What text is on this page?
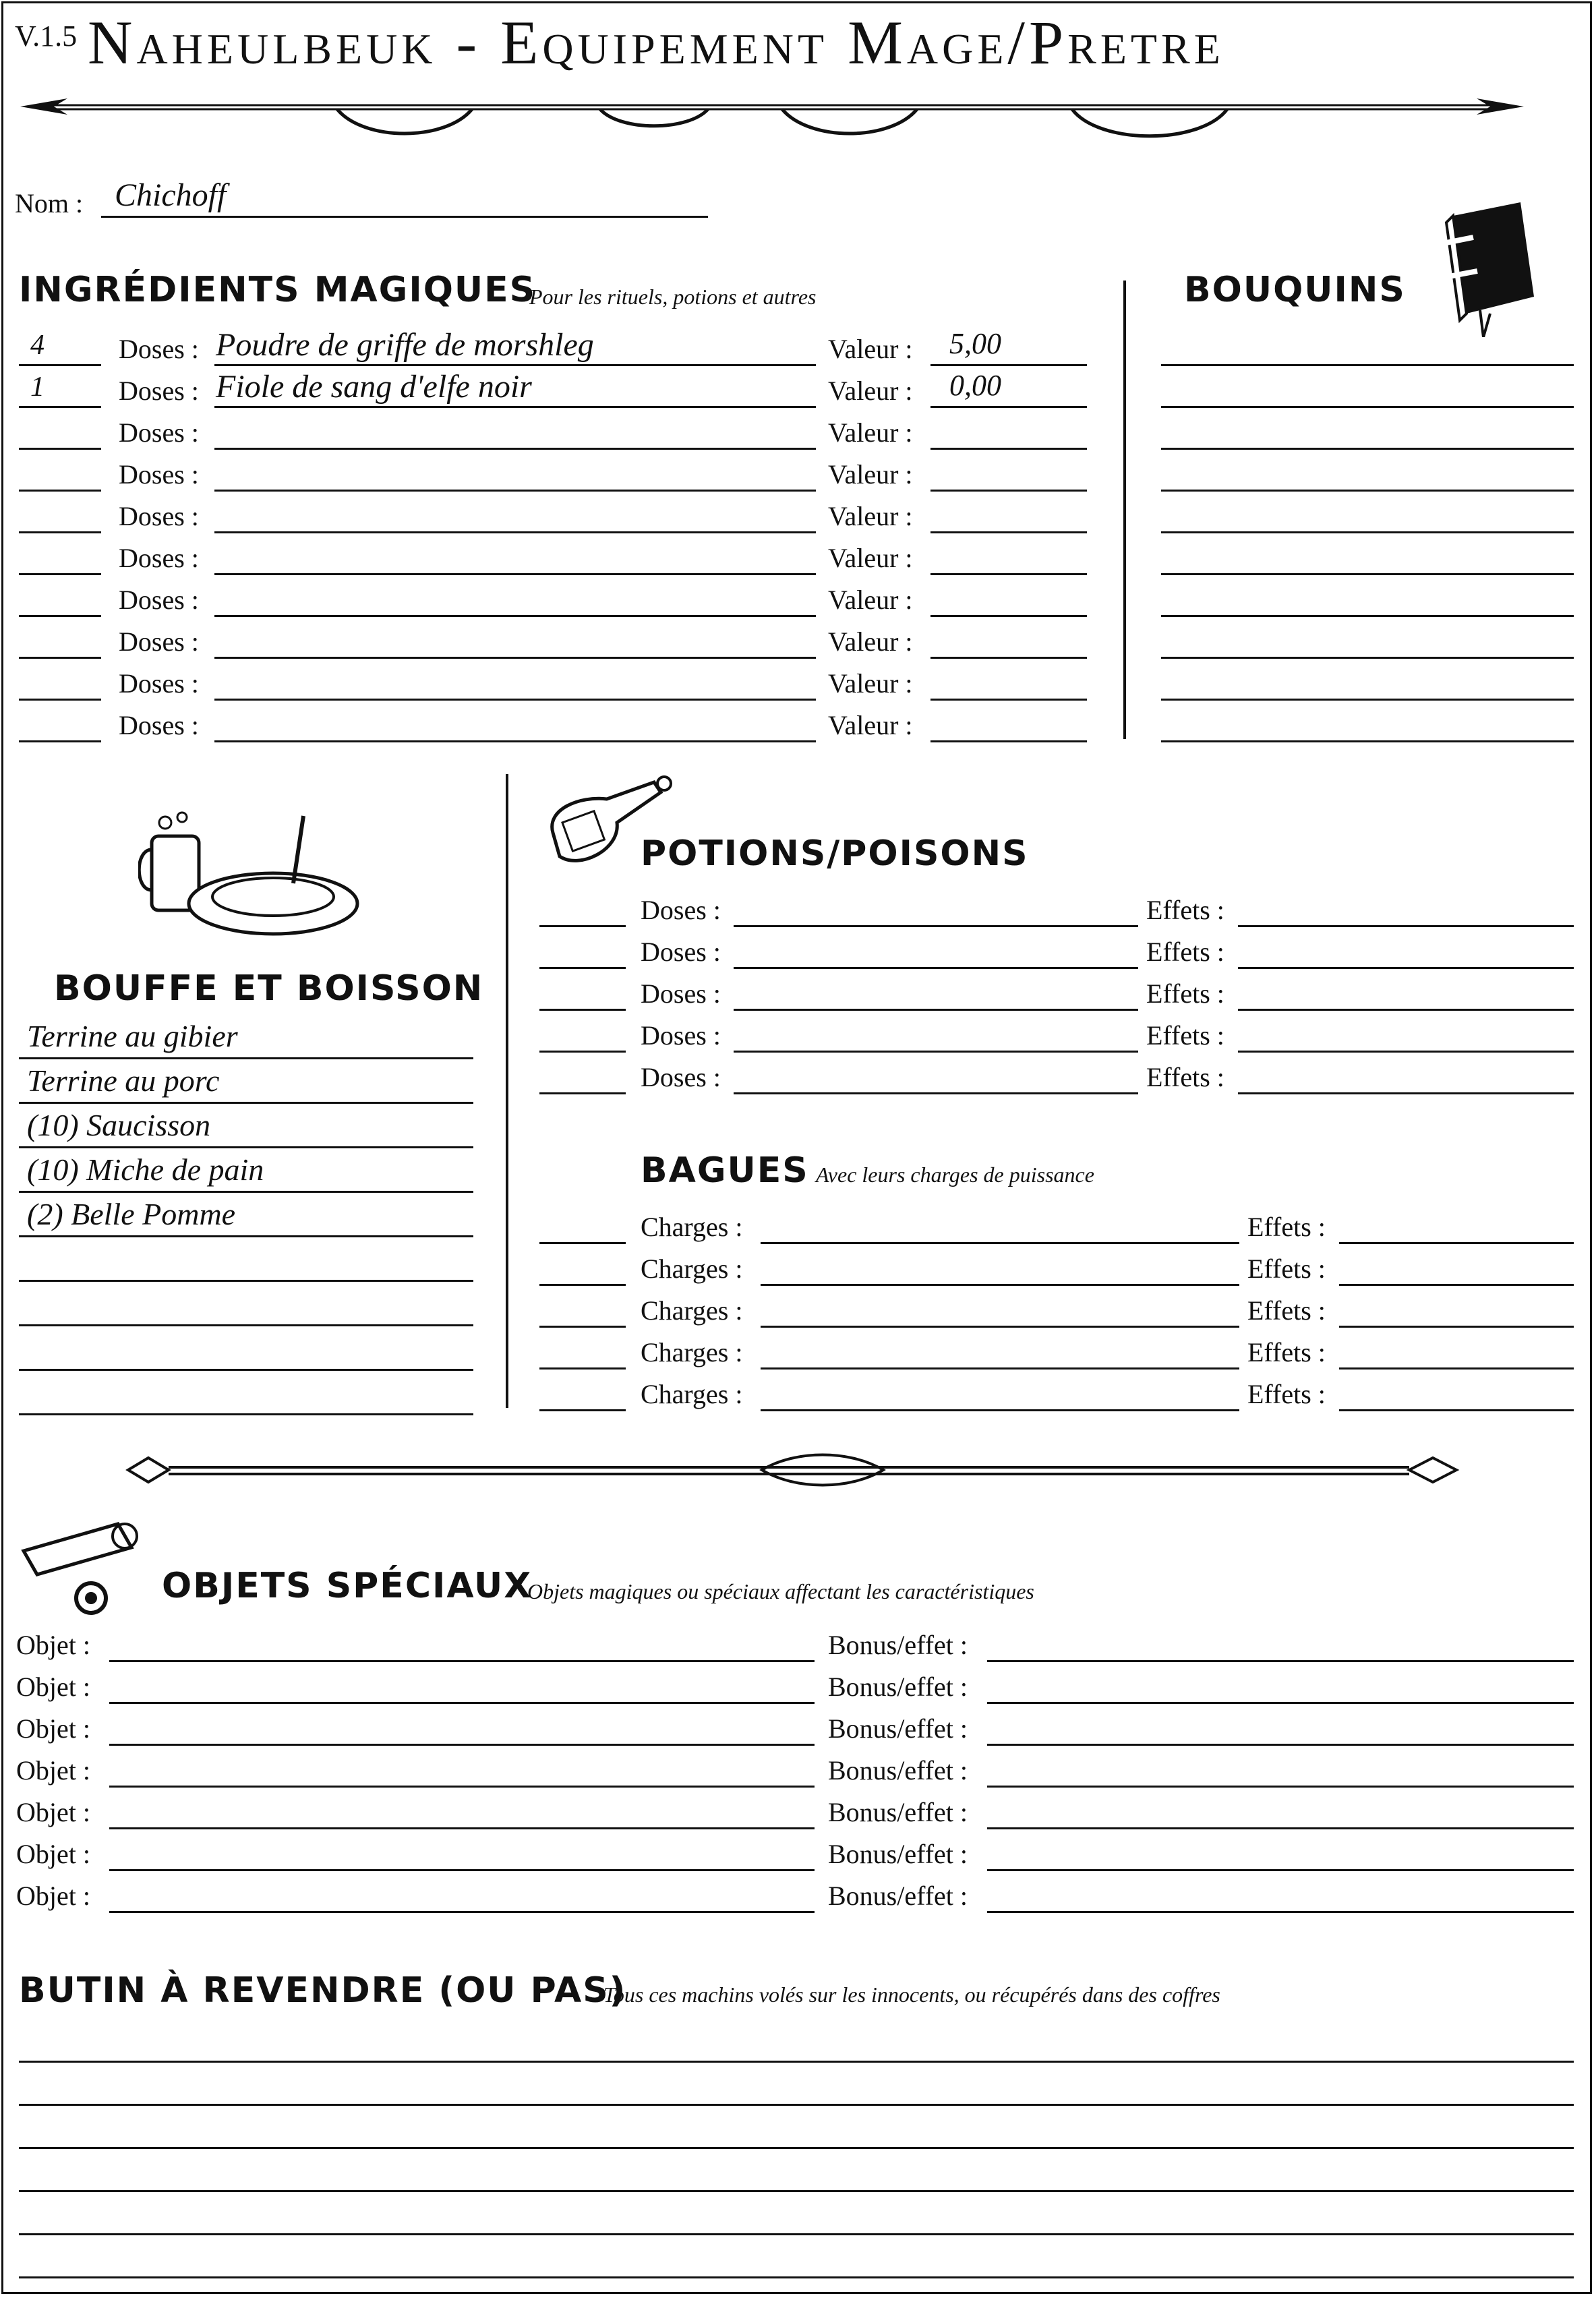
V.1.5 Naheulbeuk - Equipement Mage/Pretre
Nom : Chichoff
INGRÉDIENTS MAGIQUES
Pour les rituels, potions et autres
4	Doses : Poudre de griffe de morshleg	Valeur : 5,00
1	Doses : Fiole de sang d'elfe noir	Valeur : 0,00
Doses :	Valeur :
Doses :	Valeur :
Doses :	Valeur :
Doses :	Valeur :
Doses :	Valeur :
Doses :	Valeur :
Doses :	Valeur :
Doses :	Valeur :
BOUQUINS
BOUFFE ET BOISSON
Terrine au gibier
Terrine au porc
(10) Saucisson
(10) Miche de pain
(2) Belle Pomme
POTIONS/POISONS
Doses :	Effets :
Doses :	Effets :
Doses :	Effets :
Doses :	Effets :
Doses :	Effets :
BAGUES Avec leurs charges de puissance
Charges :	Effets :
Charges :	Effets :
Charges :	Effets :
Charges :	Effets :
Charges :	Effets :
OBJETS SPÉCIAUX
Objets magiques ou spéciaux affectant les caractéristiques
Objet :	Bonus/effet :
Objet :	Bonus/effet :
Objet :	Bonus/effet :
Objet :	Bonus/effet :
Objet :	Bonus/effet :
Objet :	Bonus/effet :
Objet :	Bonus/effet :
BUTIN À REVENDRE (OU PAS)
Tous ces machins volés sur les innocents, ou récupérés dans des coffres
